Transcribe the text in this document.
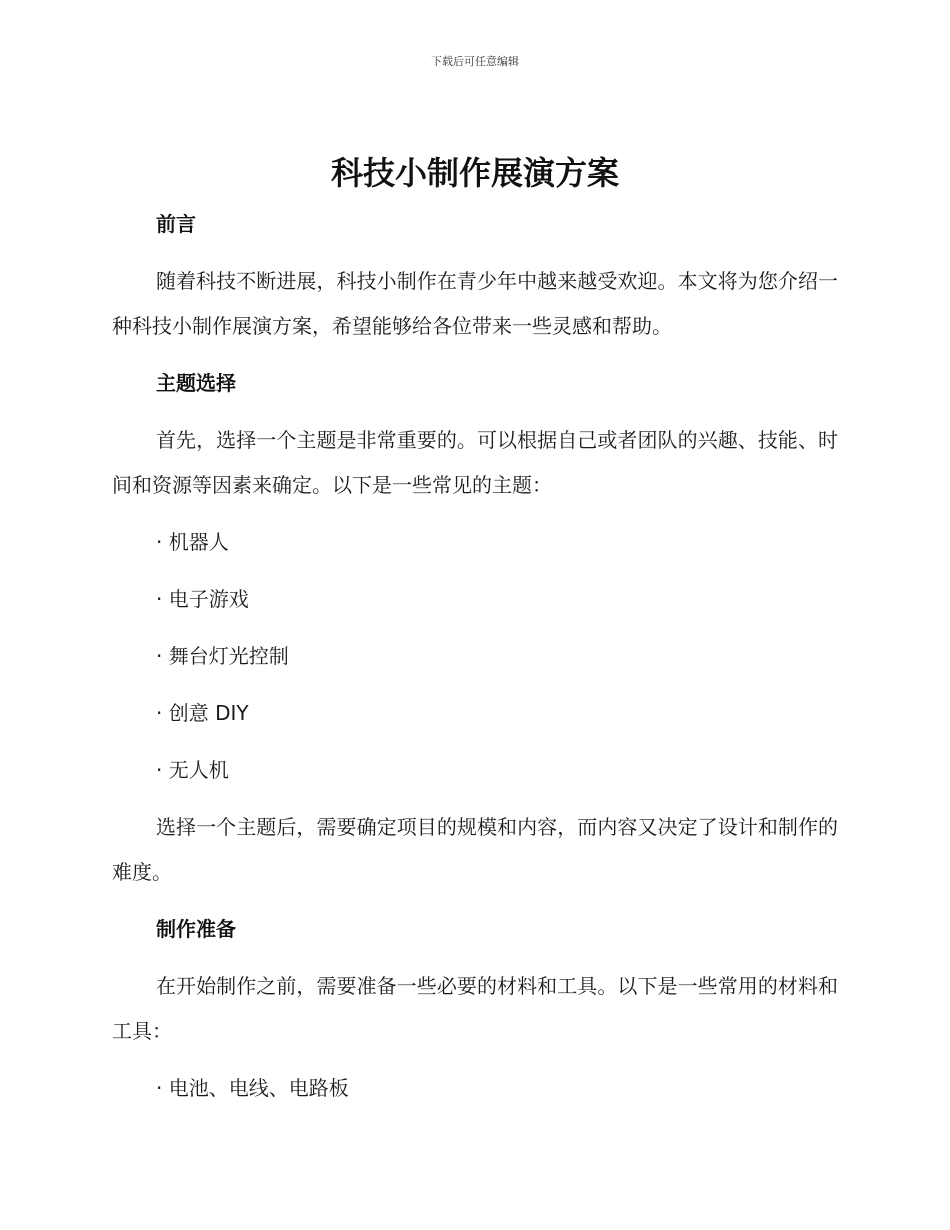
下载后可任意编辑
科技小制作展演方案
前言

随着科技不断进展，科技小制作在青少年中越来越受欢迎。本文将为您介绍一种科技小制作展演方案，希望能够给各位带来一些灵感和帮助。

主题选择

首先，选择一个主题是非常重要的。可以根据自己或者团队的兴趣、技能、时间和资源等因素来确定。以下是一些常见的主题：

· 机器人

· 电子游戏

· 舞台灯光控制

· 创意 DIY

· 无人机

选择一个主题后，需要确定项目的规模和内容，而内容又决定了设计和制作的难度。

制作准备

在开始制作之前，需要准备一些必要的材料和工具。以下是一些常用的材料和工具：

· 电池、电线、电路板
